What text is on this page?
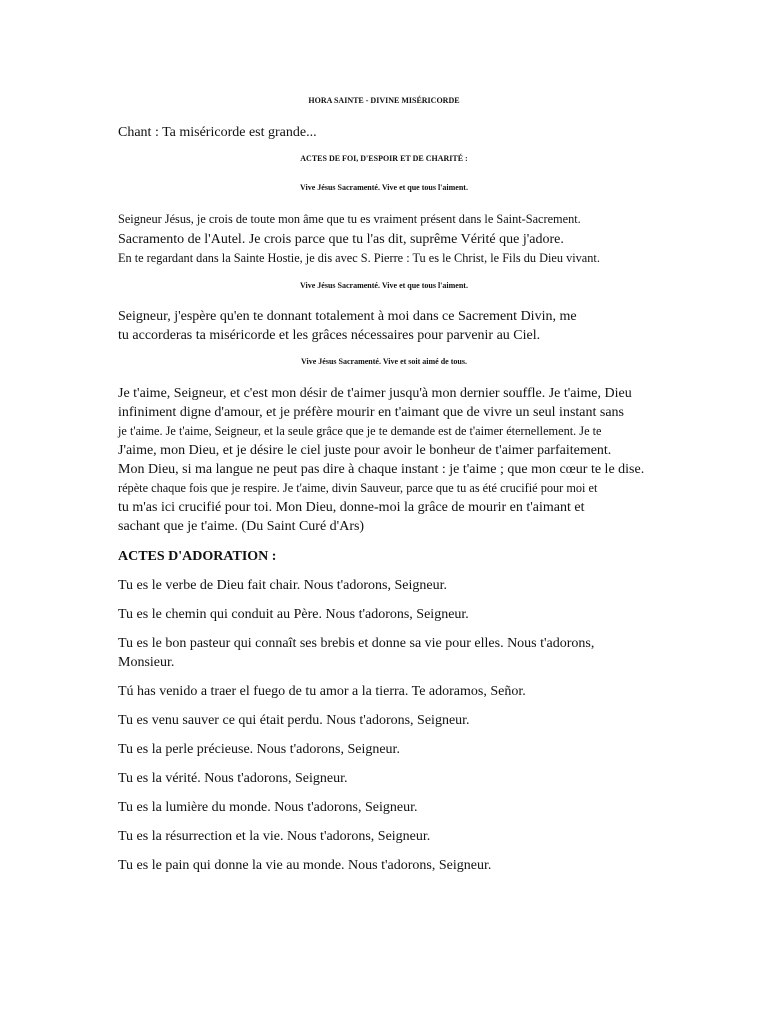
HORA SAINTE - DIVINE MISÉRICORDE
Chant : Ta miséricorde est grande...
ACTES DE FOI, D'ESPOIR ET DE CHARITÉ :
Vive Jésus Sacramenté. Vive et que tous l'aiment.
Seigneur Jésus, je crois de toute mon âme que tu es vraiment présent dans le Saint-Sacrement.
Sacramento de l'Autel. Je crois parce que tu l'as dit, suprême Vérité que j'adore.
En te regardant dans la Sainte Hostie, je dis avec S. Pierre : Tu es le Christ, le Fils du Dieu vivant.
Vive Jésus Sacramenté. Vive et que tous l'aiment.
Seigneur, j'espère qu'en te donnant totalement à moi dans ce Sacrement Divin, me
tu accorderas ta miséricorde et les grâces nécessaires pour parvenir au Ciel.
Vive Jésus Sacramenté. Vive et soit aimé de tous.
Je t'aime, Seigneur, et c'est mon désir de t'aimer jusqu'à mon dernier souffle. Je t'aime, Dieu
infiniment digne d'amour, et je préfère mourir en t'aimant que de vivre un seul instant sans
je t'aime. Je t'aime, Seigneur, et la seule grâce que je te demande est de t'aimer éternellement. Je te
J'aime, mon Dieu, et je désire le ciel juste pour avoir le bonheur de t'aimer parfaitement.
Mon Dieu, si ma langue ne peut pas dire à chaque instant : je t'aime ; que mon cœur te le dise.
répète chaque fois que je respire. Je t'aime, divin Sauveur, parce que tu as été crucifié pour moi et
tu m'as ici crucifié pour toi. Mon Dieu, donne-moi la grâce de mourir en t'aimant et
sachant que je t'aime. (Du Saint Curé d'Ars)
ACTES D'ADORATION :
Tu es le verbe de Dieu fait chair. Nous t'adorons, Seigneur.
Tu es le chemin qui conduit au Père. Nous t'adorons, Seigneur.
Tu es le bon pasteur qui connaît ses brebis et donne sa vie pour elles. Nous t'adorons,
Monsieur.
Tú has venido a traer el fuego de tu amor a la tierra. Te adoramos, Señor.
Tu es venu sauver ce qui était perdu. Nous t'adorons, Seigneur.
Tu es la perle précieuse. Nous t'adorons, Seigneur.
Tu es la vérité. Nous t'adorons, Seigneur.
Tu es la lumière du monde. Nous t'adorons, Seigneur.
Tu es la résurrection et la vie. Nous t'adorons, Seigneur.
Tu es le pain qui donne la vie au monde. Nous t'adorons, Seigneur.
